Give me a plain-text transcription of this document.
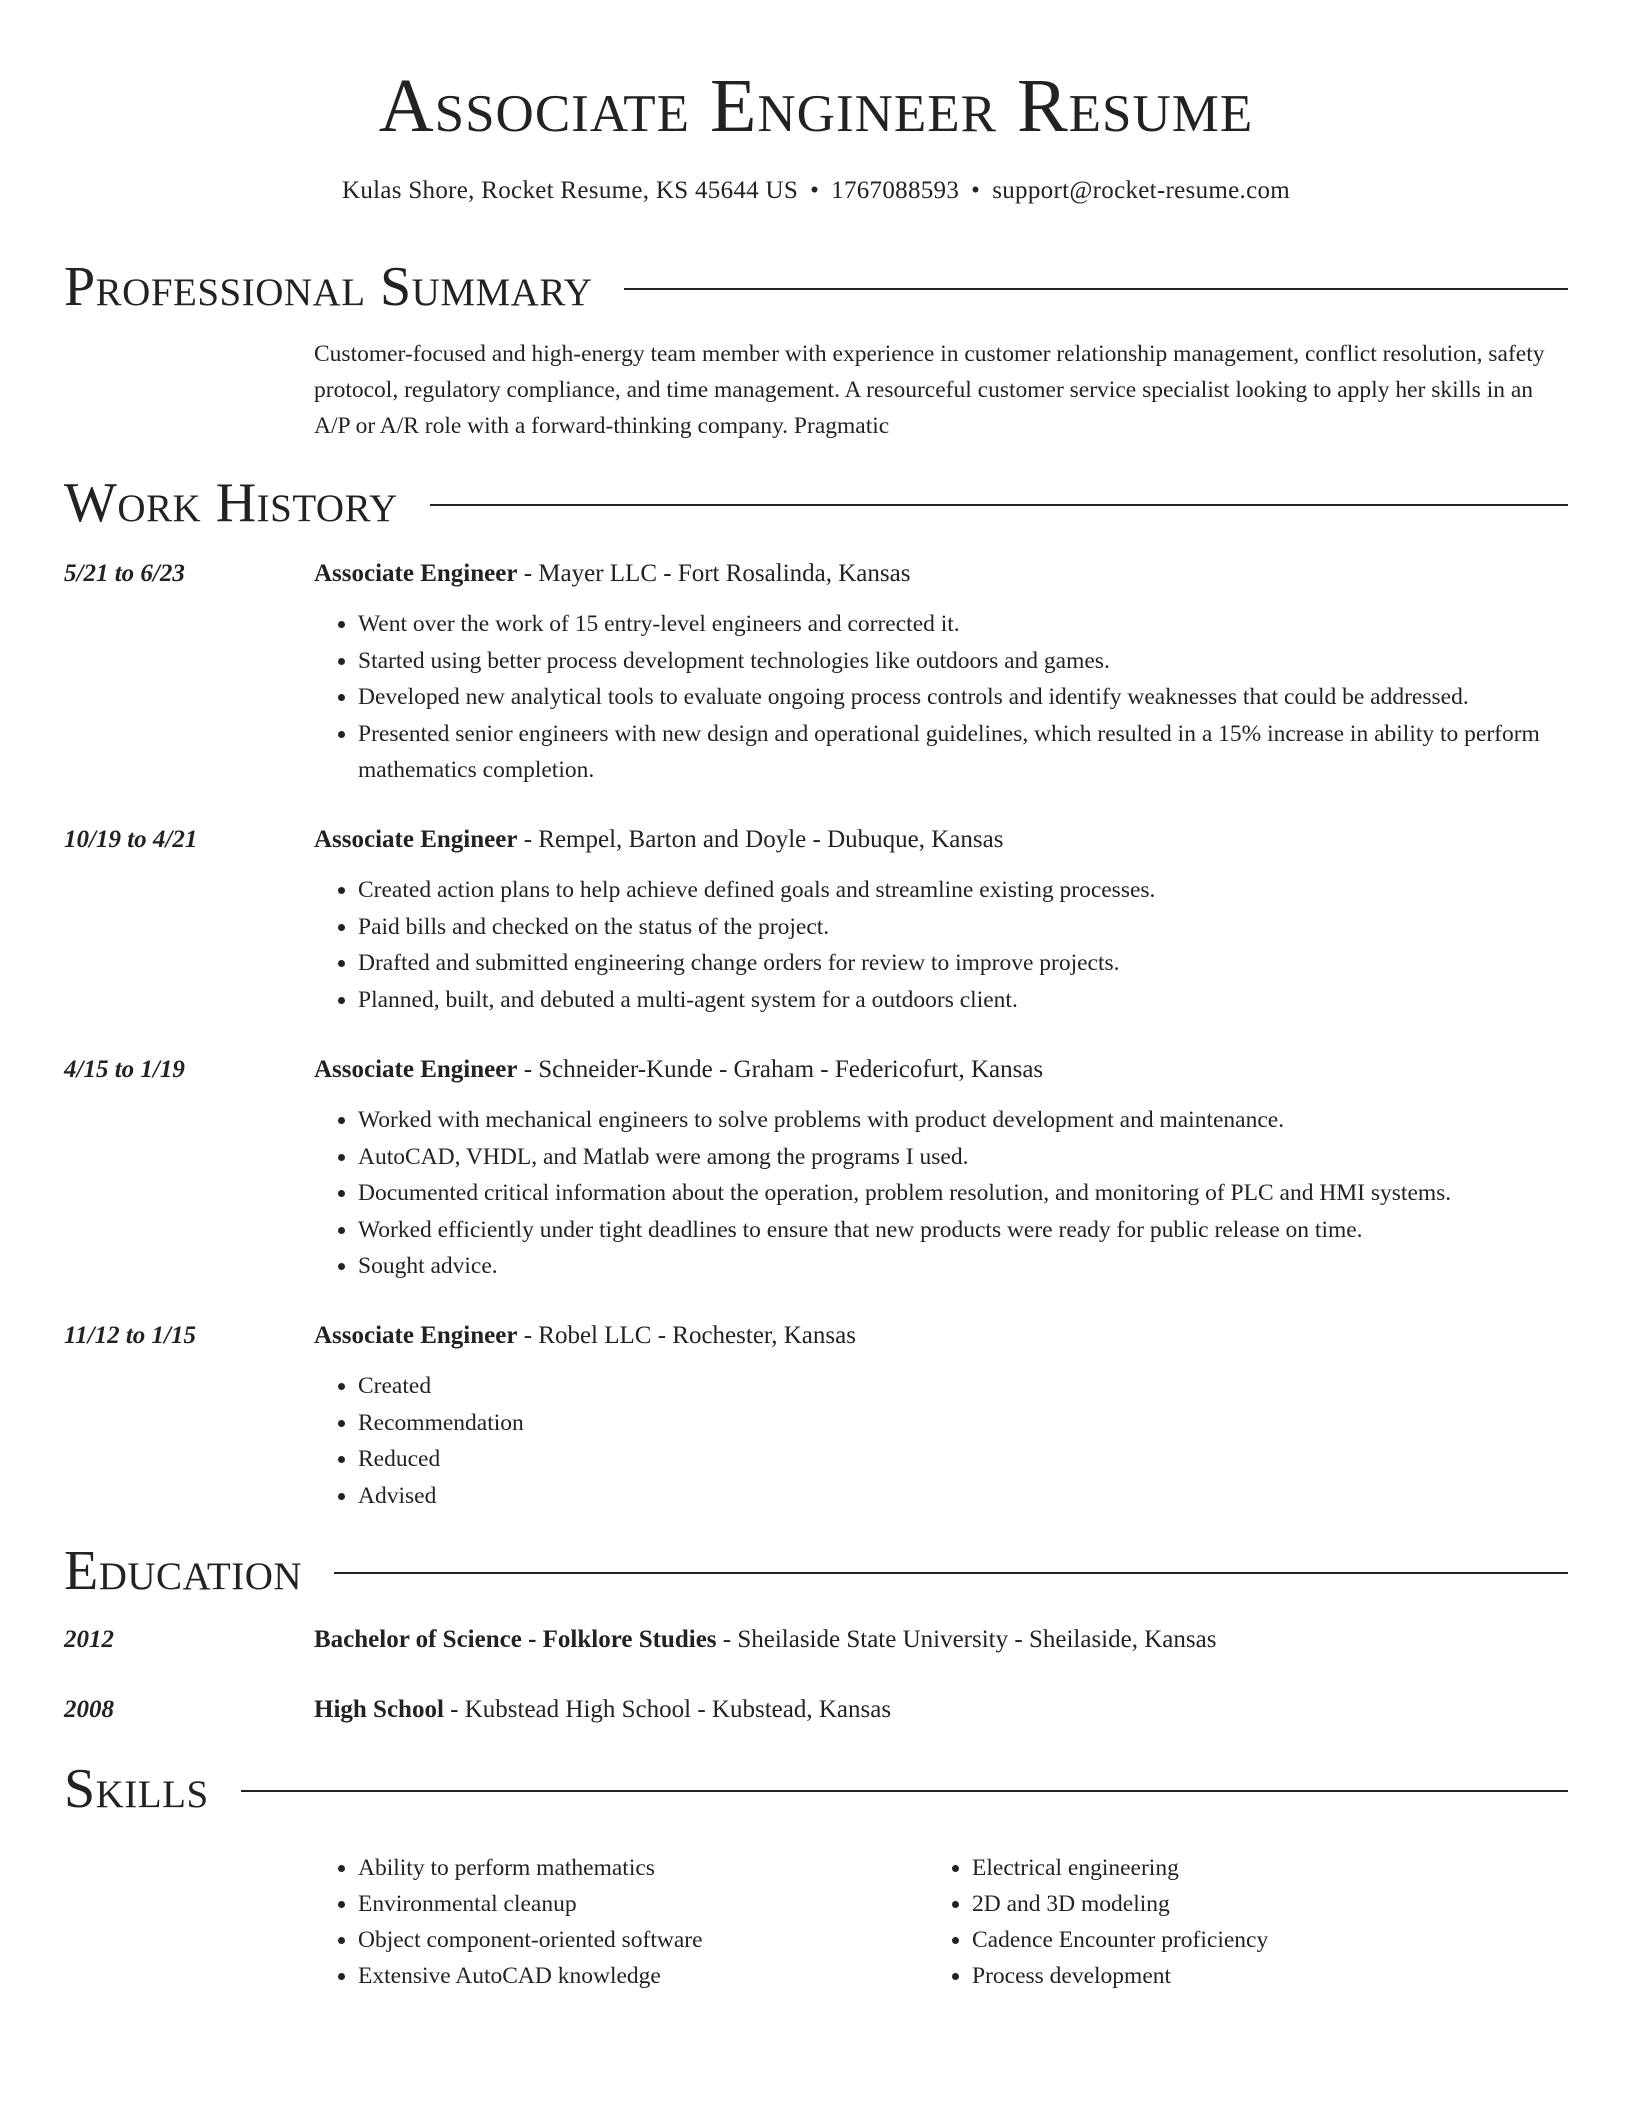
Associate Engineer Resume
Kulas Shore, Rocket Resume, KS 45644 US • 1767088593 • support@rocket-resume.com
Professional Summary
Customer-focused and high-energy team member with experience in customer relationship management, conflict resolution, safety protocol, regulatory compliance, and time management. A resourceful customer service specialist looking to apply her skills in an A/P or A/R role with a forward-thinking company. Pragmatic
Work History
5/21 to 6/23	Associate Engineer - Mayer LLC - Fort Rosalinda, Kansas
• Went over the work of 15 entry-level engineers and corrected it.
• Started using better process development technologies like outdoors and games.
• Developed new analytical tools to evaluate ongoing process controls and identify weaknesses that could be addressed.
• Presented senior engineers with new design and operational guidelines, which resulted in a 15% increase in ability to perform mathematics completion.
10/19 to 4/21	Associate Engineer - Rempel, Barton and Doyle - Dubuque, Kansas
• Created action plans to help achieve defined goals and streamline existing processes.
• Paid bills and checked on the status of the project.
• Drafted and submitted engineering change orders for review to improve projects.
• Planned, built, and debuted a multi-agent system for a outdoors client.
4/15 to 1/19	Associate Engineer - Schneider-Kunde - Graham - Federicofurt, Kansas
• Worked with mechanical engineers to solve problems with product development and maintenance.
• AutoCAD, VHDL, and Matlab were among the programs I used.
• Documented critical information about the operation, problem resolution, and monitoring of PLC and HMI systems.
• Worked efficiently under tight deadlines to ensure that new products were ready for public release on time.
• Sought advice.
11/12 to 1/15	Associate Engineer - Robel LLC - Rochester, Kansas
• Created
• Recommendation
• Reduced
• Advised
Education
2012	Bachelor of Science - Folklore Studies - Sheilaside State University - Sheilaside, Kansas
2008	High School - Kubstead High School - Kubstead, Kansas
Skills
• Ability to perform mathematics
• Environmental cleanup
• Object component-oriented software
• Extensive AutoCAD knowledge
• Electrical engineering
• 2D and 3D modeling
• Cadence Encounter proficiency
• Process development
